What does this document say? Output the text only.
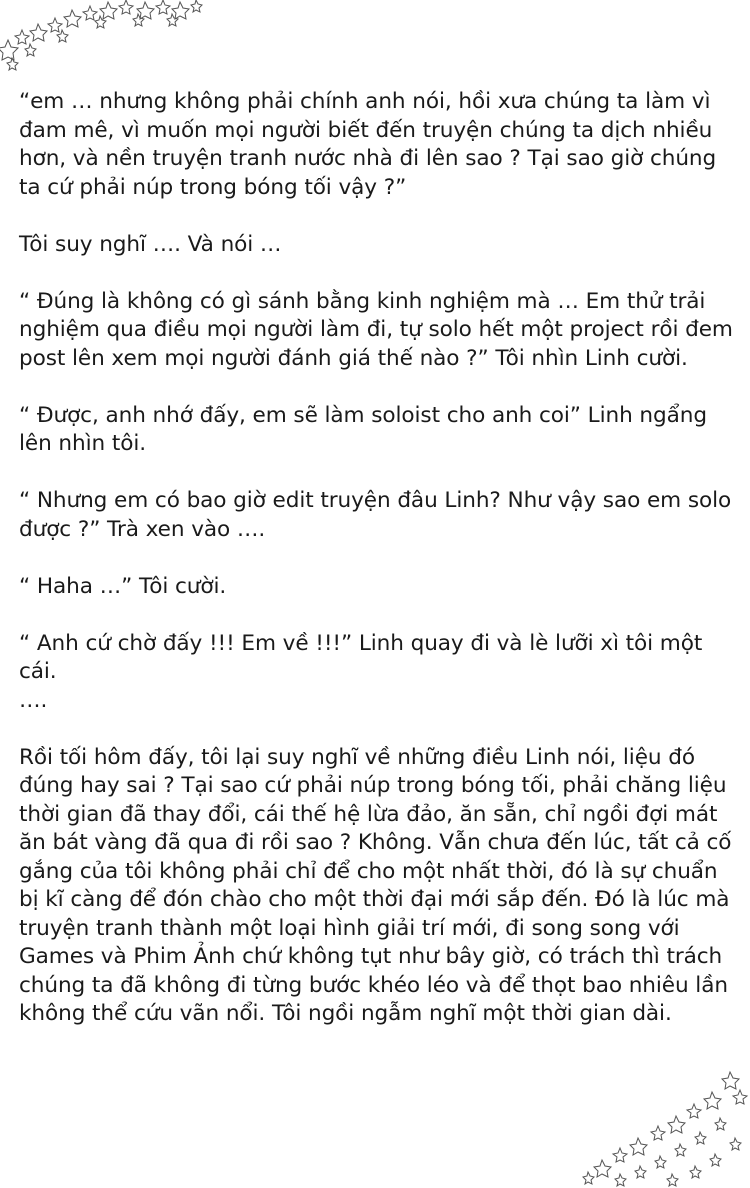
“em … nhưng không phải chính anh nói, hồi xưa chúng ta làm vì đam mê, vì muốn mọi người biết đến truyện chúng ta dịch nhiều hơn, và nền truyện tranh nước nhà đi lên sao ? Tại sao giờ chúng ta cứ phải núp trong bóng tối vậy ?”

Tôi suy nghĩ …. Và nói …

“ Đúng là không có gì sánh bằng kinh nghiệm mà … Em thử trải nghiệm qua điều mọi người làm đi, tự solo hết một project rồi đem post lên xem mọi người đánh giá thế nào ?” Tôi nhìn Linh cười.

“ Được, anh nhớ đấy, em sẽ làm soloist cho anh coi” Linh ngẩng lên nhìn tôi.

“ Nhưng em có bao giờ edit truyện đâu Linh? Như vậy sao em solo được ?” Trà xen vào ….

“ Haha …” Tôi cười.

“ Anh cứ chờ đấy !!! Em về !!!” Linh quay đi và lè lưỡi xì tôi một cái.

….

Rồi tối hôm đấy, tôi lại suy nghĩ về những điều Linh nói, liệu đó đúng hay sai ? Tại sao cứ phải núp trong bóng tối, phải chăng liệu thời gian đã thay đổi, cái thế hệ lừa đảo, ăn sẵn, chỉ ngồi đợi mát ăn bát vàng đã qua đi rồi sao ? Không. Vẫn chưa đến lúc, tất cả cố gắng của tôi không phải chỉ để cho một nhất thời, đó là sự chuẩn bị kĩ càng để đón chào cho một thời đại mới sắp đến. Đó là lúc mà truyện tranh thành một loại hình giải trí mới, đi song song với Games và Phim Ảnh chứ không tụt như bây giờ, có trách thì trách chúng ta đã không đi từng bước khéo léo và để thọt bao nhiêu lần không thể cứu vãn nổi. Tôi ngồi ngẫm nghĩ một thời gian dài.
